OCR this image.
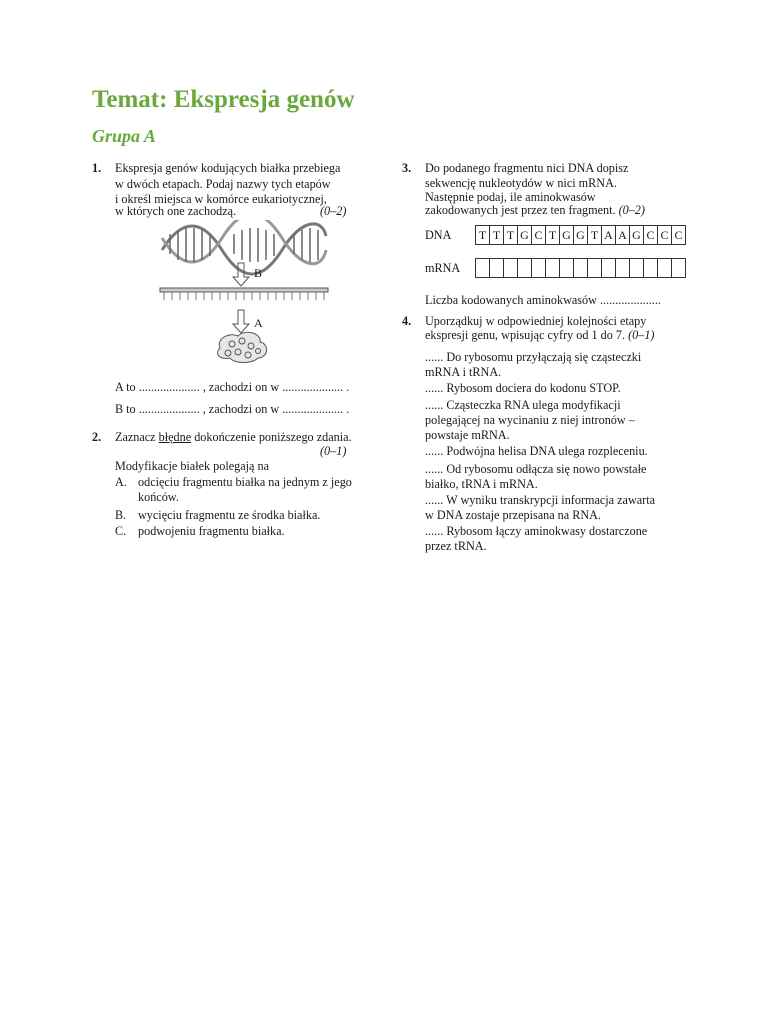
Temat: Ekspresja genów
Grupa A
1. Ekspresja genów kodujących białka przebiega
w dwóch etapach. Podaj nazwy tych etapów
i określ miejsca w komórce eukariotycznej,
w których one zachodzą.	(0–2)
B
A
A to .................... , zachodzi on w .................... .
B to .................... , zachodzi on w .................... .
2. Zaznacz błędne dokończenie poniższego zdania.
(0–1)
Modyfikacje białek polegają na
A. odcięciu fragmentu białka na jednym z jego
końców.
B. wycięciu fragmentu ze środka białka.
C. podwojeniu fragmentu białka.
3. Do podanego fragmentu nici DNA dopisz
sekwencję nukleotydów w nici mRNA.
Następnie podaj, ile aminokwasów
zakodowanych jest przez ten fragment. (0–2)
DNA	T T T G C T G G T A A G C C C
mRNA
Liczba kodowanych aminokwasów ....................
4. Uporządkuj w odpowiedniej kolejności etapy
ekspresji genu, wpisując cyfry od 1 do 7. (0–1)
...... Do rybosomu przyłączają się cząsteczki
mRNA i tRNA.
...... Rybosom dociera do kodonu STOP.
...... Cząsteczka RNA ulega modyfikacji
polegającej na wycinaniu z niej intronów –
powstaje mRNA.
...... Podwójna helisa DNA ulega rozpleceniu.
...... Od rybosomu odłącza się nowo powstałe
białko, tRNA i mRNA.
...... W wyniku transkrypcji informacja zawarta
w DNA zostaje przepisana na RNA.
...... Rybosom łączy aminokwasy dostarczone
przez tRNA.
